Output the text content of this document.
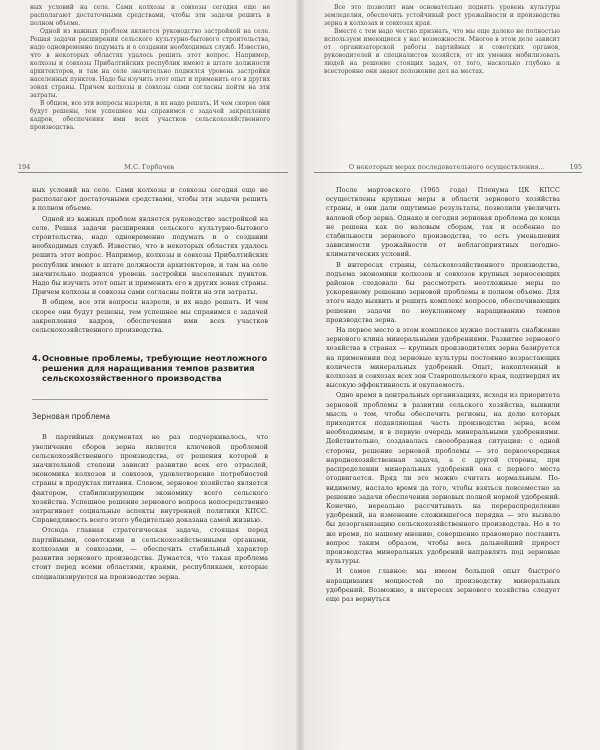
ных условий на селе. Сами колхозы и совхозы сегодня еще не располагают достаточными средствами, чтобы эти задачи решить в полном объеме.

Одной из важных проблем является руководство застройкой на селе. Решая задачи расширения сельского культурно-бытового строительства, надо одновременно подумать и о создании необходимых служб. Известно, что в некоторых областях удалось решить этот вопрос. Например, колхозы и совхозы Прибалтийских республик имеют в штате должности архитекторов, и там на селе значительно поднялся уровень застройки населенных пунктов. Надо бы изучить этот опыт и применить его в других зонах страны. Причем колхозы и совхозы сами согласны пойти на эти затраты.

В общем, все эти вопросы назрели, и их надо решать. И чем скорее они будут решены, тем успешнее мы справимся с задачей закрепления кадров, обеспечения ими всех участков сельскохозяйственного производства.

194	М.С. Горбачев

ных условий на селе. Сами колхозы и совхозы сегодня еще не располагают достаточными средствами, чтобы эти задачи решить в полном объеме.

Одной из важных проблем является руководство застройкой на селе. Решая задачи расширения сельского культурно-бытового строительства, надо одновременно подумать и о создании необходимых служб. Известно, что в некоторых областях удалось решить этот вопрос. Например, колхозы и совхозы Прибалтийских республик имеют в штате должности архитекторов, и там на селе значительно поднялся уровень застройки населенных пунктов. Надо бы изучить этот опыт и применить его в других зонах страны. Причем колхозы и совхозы сами согласны пойти на эти затраты.

В общем, все эти вопросы назрели, и их надо решать. И чем скорее они будут решены, тем успешнее мы справимся с задачей закрепления кадров, обеспечения ими всех участков сельскохозяйственного производства.

4. Основные проблемы, требующие неотложного решения для наращивания темпов развития сельскохозяйственного производства
Зерновая проблема

В партийных документах не раз подчеркивалось, что увеличение сборов зерна является ключевой проблемой сельскохозяйственного производства, от решения которой в значительной степени зависит развитие всех его отраслей, экономика колхозов и совхозов, удовлетворение потребностей страны в продуктах питания. Словом, зерновое хозяйство является фактором, стабилизирующим экономику всего сельского хозяйства. Успешное решение зернового вопроса непосредственно затрагивает социальные аспекты внутренней политики КПСС. Справедливость всего этого убедительно доказана самой жизнью.

Отсюда главная стратегическая задача, стоящая перед партийными, советскими и сельскохозяйственными органами, колхозами и совхозами, — обеспечить стабильный характер развития зернового производства. Думается, что такая проблема стоит перед всеми областями, краями, республиками, которые специализируются на производстве зерна.

Все это позволит нам основательно поднять уровень культуры земледелия, обеспечить устойчивый рост урожайности и производства зерна в колхозах и совхозах края.

Вместе с тем надо честно признать, что мы еще далеко не полностью используем имеющиеся у нас возможности. Многое в этом деле зависит от организаторской работы партийных и советских органов, руководителей и специалистов хозяйств, от их умения мобилизовать людей на решение стоящих задач, от того, насколько глубоко и всесторонне они знают положение дел на местах.

О некоторых мерах последовательного осуществления...	195

После мартовского (1965 года) Пленума ЦК КПСС осуществлены крупные меры в области зернового хозяйства страны, и они дали ощутимые результаты, позволили увеличить валовой сбор зерна. Однако и сегодня зерновая проблема до конца не решена как по валовым сборам, так и особенно по стабильности зернового производства, то есть уменьшения зависимости урожайности от неблагоприятных погодно-климатических условий.

В интересах страны, сельскохозяйственного производства, подъема экономики колхозов и совхозов крупных зерносеющих районов следовало бы рассмотреть неотложные меры по ускоренному решению зерновой проблемы в полном объеме. Для этого надо выявить и решить комплекс вопросов, обеспечивающих решение задачи по неуклонному наращиванию темпов производства зерна.

На первое место в этом комплексе нужно поставить снабжение зернового клина минеральными удобрениями. Развитие зернового хозяйства в странах — крупных производителях зерна базируется на применении под зерновые культуры постоянно возрастающих количеств минеральных удобрений. Опыт, накопленный в колхозах и совхозах всех зон Ставропольского края, подтвердил их высокую эффективность и окупаемость.

Одно время в центральных организациях, исходя из приоритета зерновой проблемы в развитии сельского хозяйства, выявили мысль о том, чтобы обеспечить регионы, на долю которых приходится подавляющая часть производства зерна, всем необходимым, и в первую очередь минеральными удобрениями. Действительно, создавалась своеобразная ситуация: с одной стороны, решение зерновой проблемы — это первоочередная народнохозяйственная задача, а с другой стороны, при распределении минеральных удобрений она с первого места отодвигается. Вряд ли это можно считать нормальным. По-видимому, настало время да того, чтобы взяться повсеместно за решение задачи обеспечения зерновых полной нормой удобрений. Конечно, нереально рассчитывать на перераспределение удобрений, на изменение сложившегося порядка — это вызвало бы дезорганизацию сельскохозяйственного производства. Но в то же время, по нашему мнению, совершенно правомерно поставить вопрос таким образом, чтобы весь дальнейший прирост производства минеральных удобрений направлять под зерновые культуры.

И самое главное: мы имеем большой опыт быстрого наращивания мощностей по производству минеральных удобрений. Возможно, в интересах зернового хозяйства следует еще раз вернуться
